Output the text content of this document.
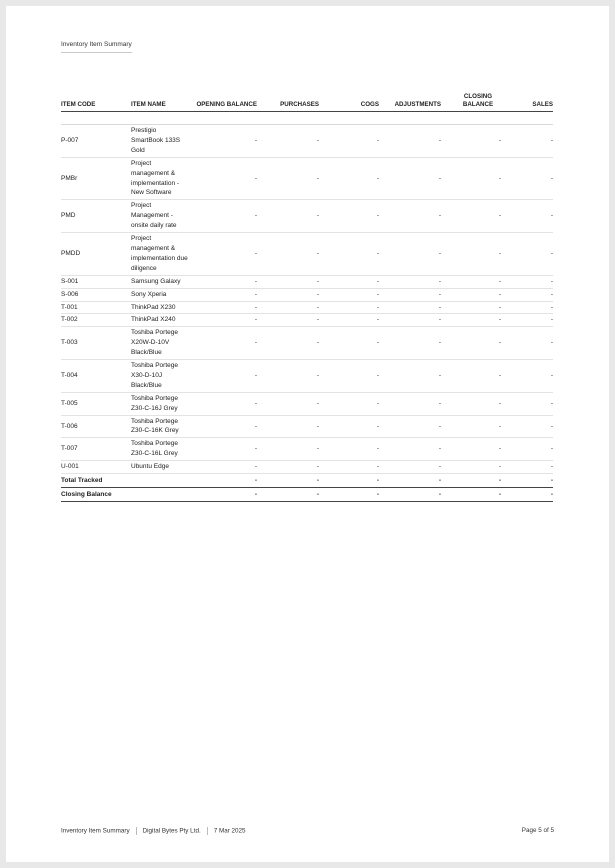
Inventory Item Summary
ITEM CODE	ITEM NAME	OPENING BALANCE	PURCHASES	COGS	ADJUSTMENTS	CLOSING BALANCE	SALES

P-007	Prestigio SmartBook 133S Gold	-	-	-	-	-	-
PMBr	Project management & implementation - New Software	-	-	-	-	-	-
PMD	Project Management - onsite daily rate	-	-	-	-	-	-
PMDD	Project management & implementation due diligence	-	-	-	-	-	-
S-001	Samsung Galaxy	-	-	-	-	-	-
S-006	Sony Xperia	-	-	-	-	-	-
T-001	ThinkPad X230	-	-	-	-	-	-
T-002	ThinkPad X240	-	-	-	-	-	-
T-003	Toshiba Portege X20W-D-10V Black/Blue	-	-	-	-	-	-
T-004	Toshiba Portege X30-D-10J Black/Blue	-	-	-	-	-	-
T-005	Toshiba Portege Z30-C-16J Grey	-	-	-	-	-	-
T-006	Toshiba Portege Z30-C-16K Grey	-	-	-	-	-	-
T-007	Toshiba Portege Z30-C-16L Grey	-	-	-	-	-	-
U-001	Ubuntu Edge	-	-	-	-	-	-
Total Tracked		-	-	-	-	-	-
Closing Balance		-	-	-	-	-	-
Inventory Item Summary Digital Bytes Pty Ltd. 7 Mar 2025	Page 5 of 5
